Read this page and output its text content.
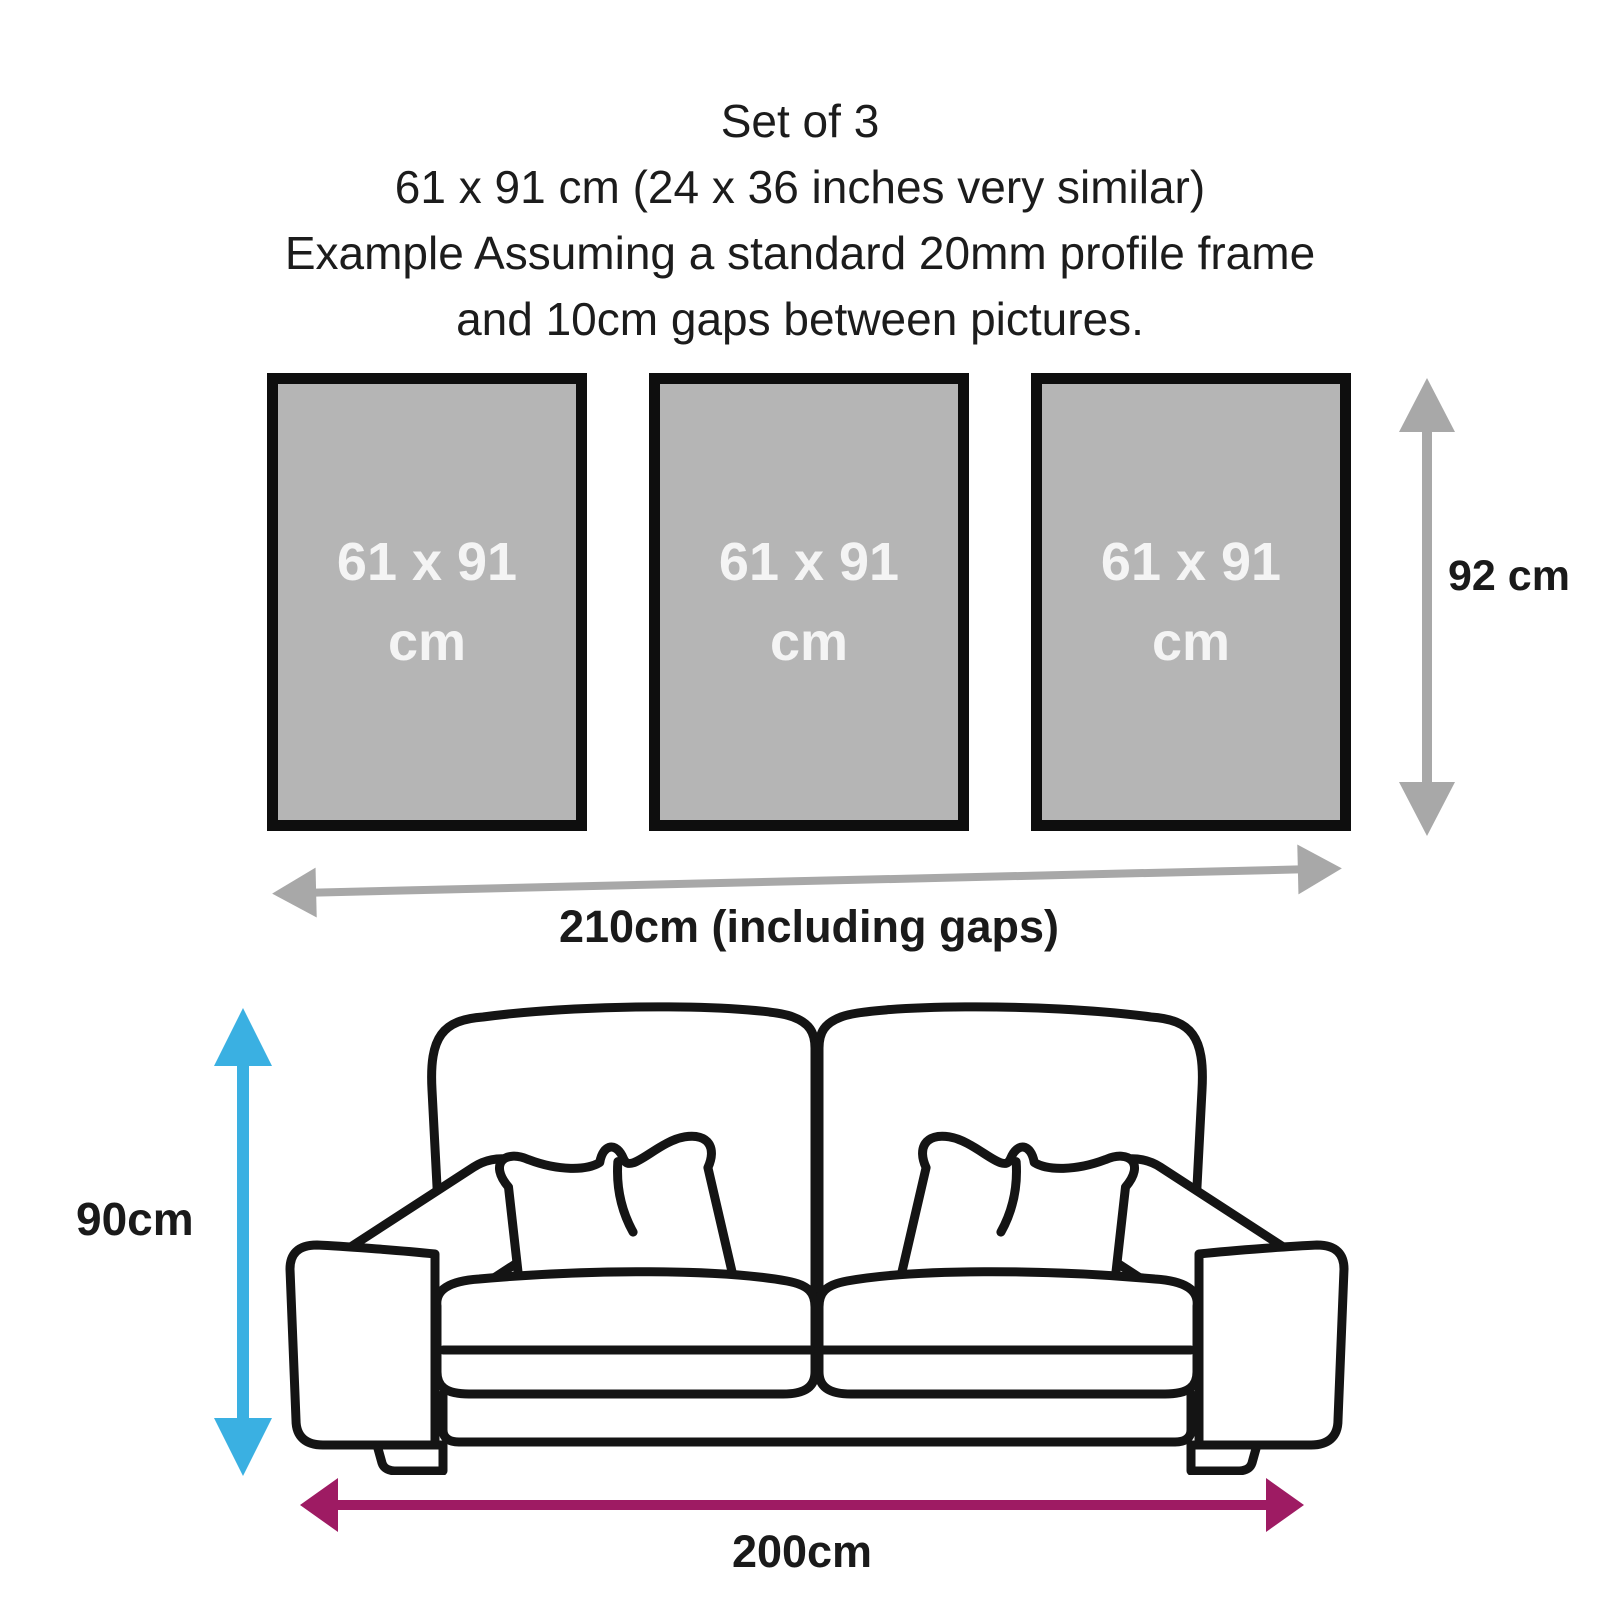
Set of 3
61 x 91 cm (24 x 36 inches very similar)
Example Assuming a standard 20mm profile frame
and 10cm gaps between pictures.
61 x 91
cm
61 x 91
cm
61 x 91
cm
92 cm
210cm (including gaps)
90cm
200cm
